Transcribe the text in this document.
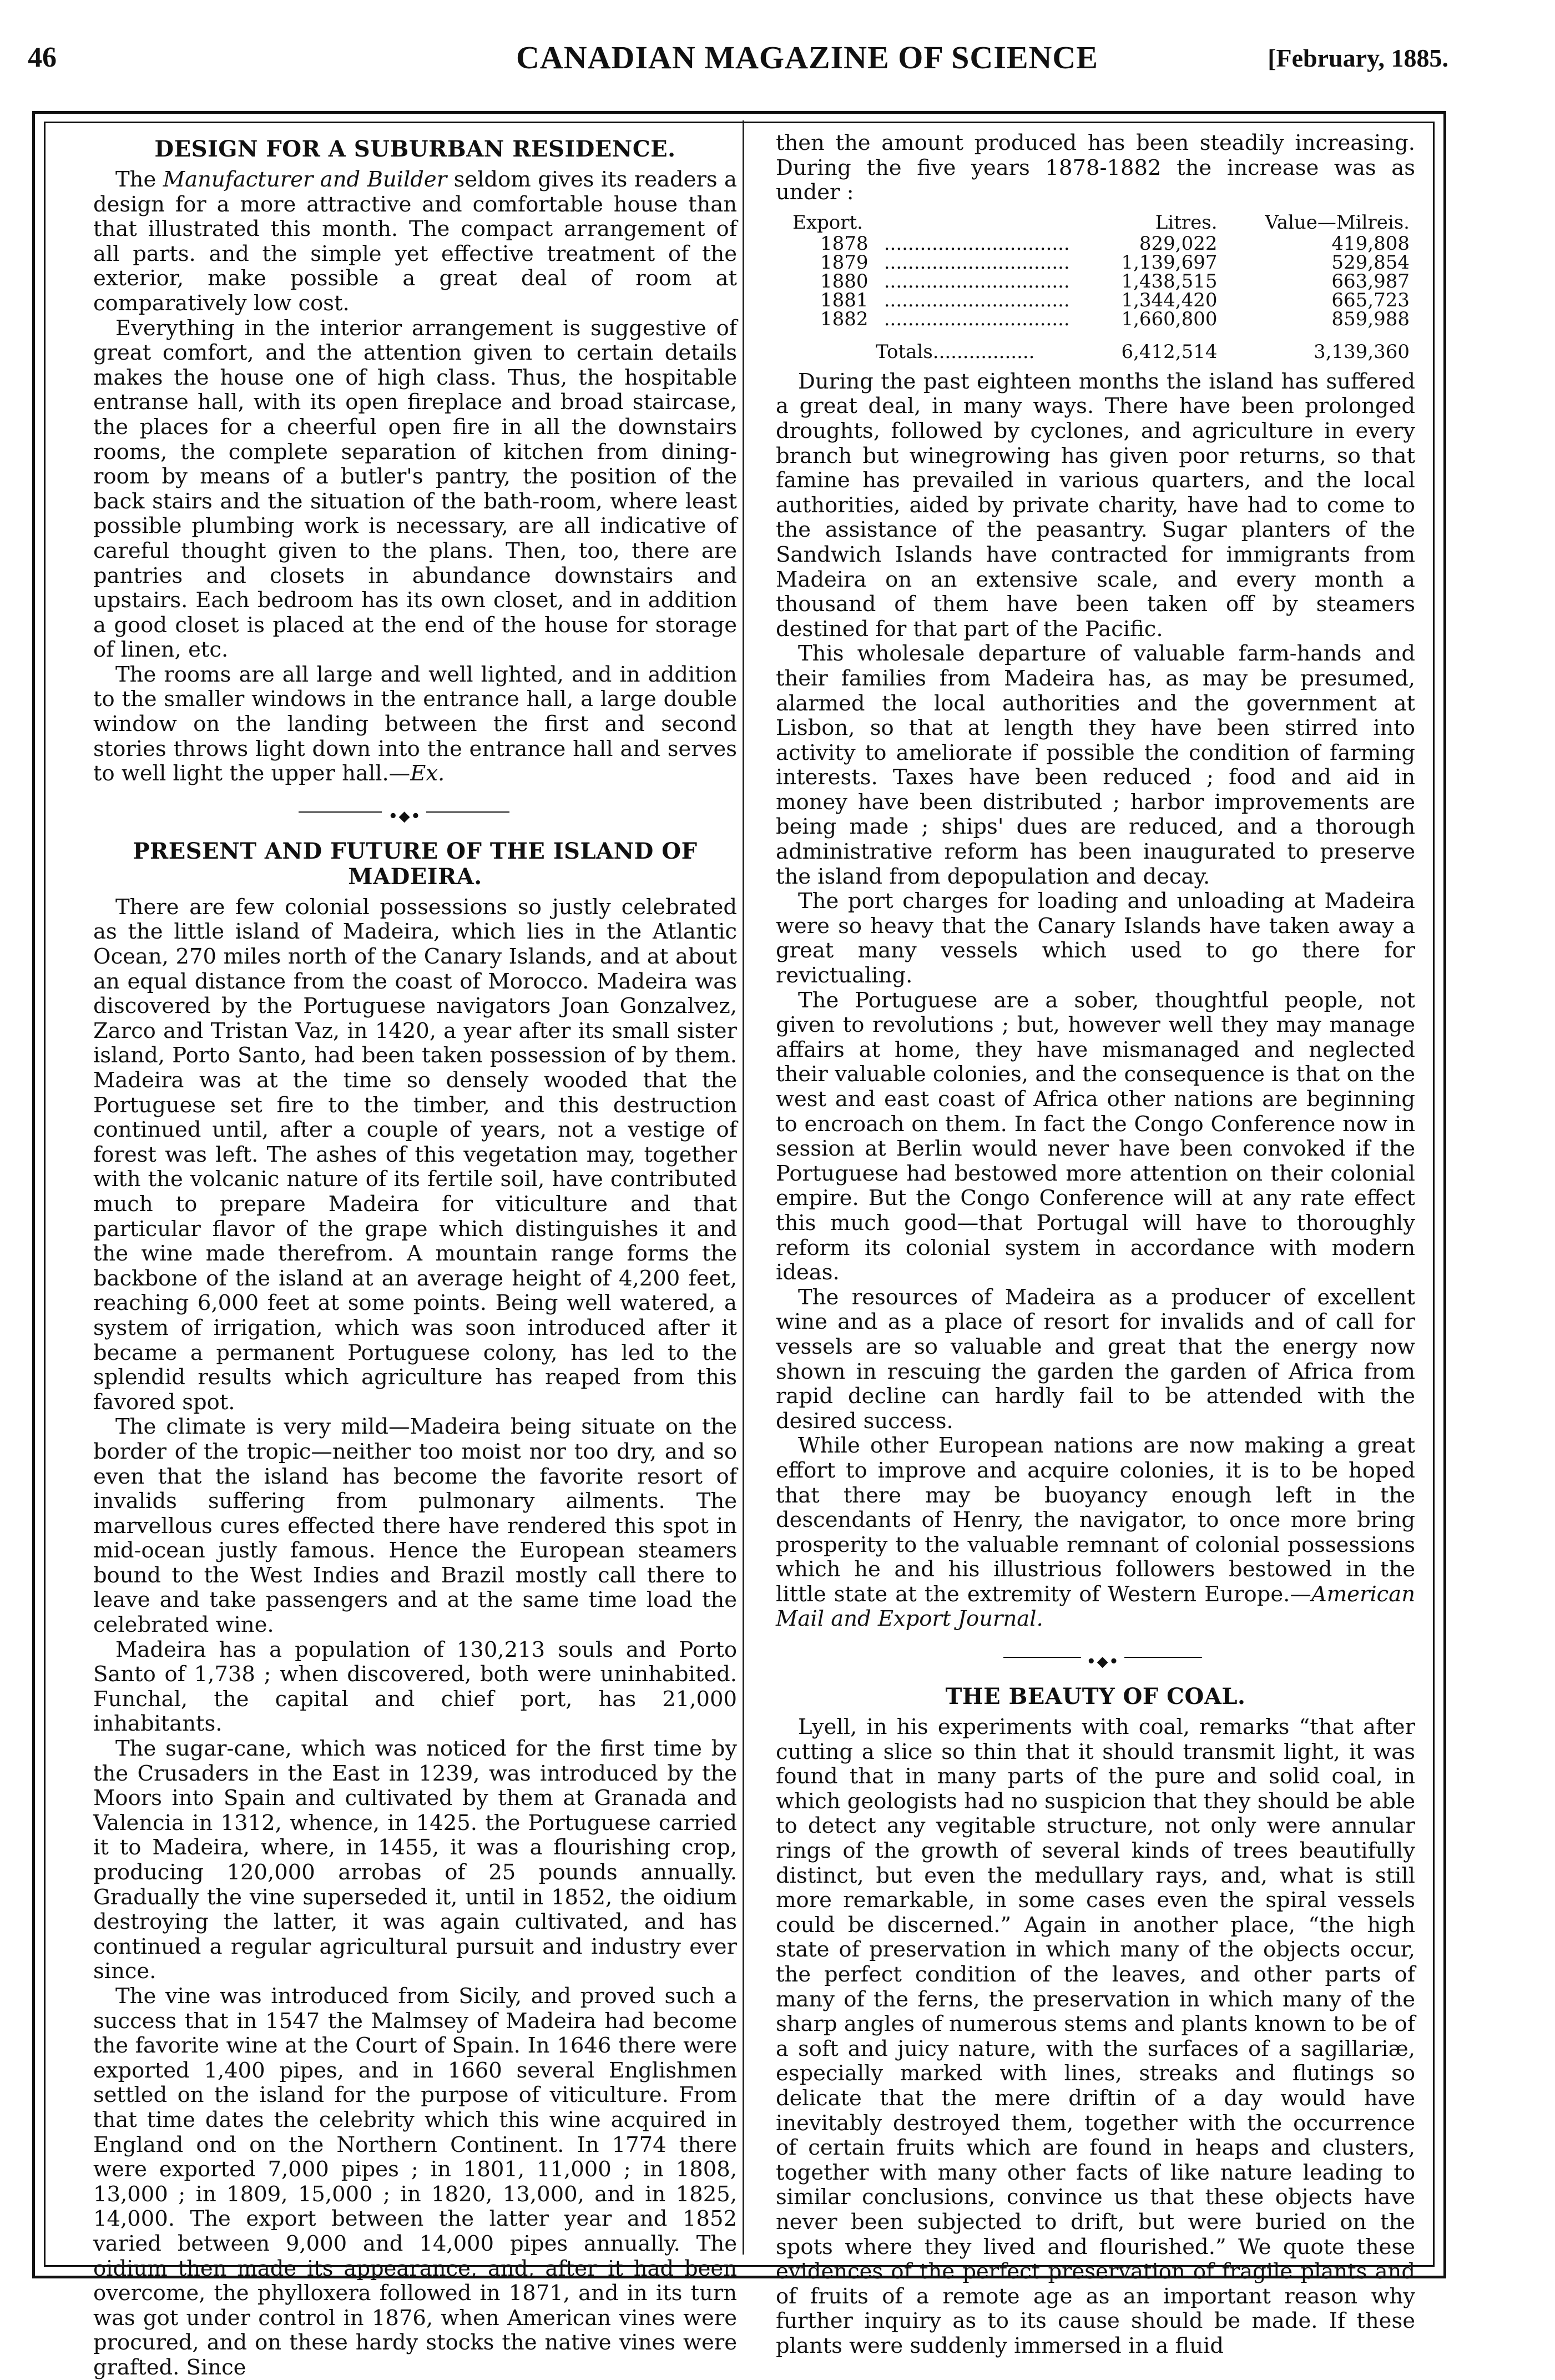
46	CANADIAN MAGAZINE OF SCIENCE	[February, 1885.
DESIGN FOR A SUBURBAN RESIDENCE.

The Manufacturer and Builder seldom gives its readers a design for a more attractive and comfortable house than that illustrated this month. The compact arrangement of all parts. and the simple yet effective treatment of the exterior, make possible a great deal of room at comparatively low cost.

Everything in the interior arrangement is suggestive of great comfort, and the attention given to certain details makes the house one of high class. Thus, the hospitable entranse hall, with its open fireplace and broad staircase, the places for a cheerful open fire in all the downstairs rooms, the complete separation of kitchen from dining-room by means of a butler's pantry, the position of the back stairs and the situation of the bath-room, where least possible plumbing work is necessary, are all indicative of careful thought given to the plans. Then, too, there are pantries and closets in abundance downstairs and upstairs. Each bedroom has its own closet, and in addition a good closet is placed at the end of the house for storage of linen, etc.

The rooms are all large and well lighted, and in addition to the smaller windows in the entrance hall, a large double window on the landing between the first and second stories throws light down into the entrance hall and serves to well light the upper hall.—Ex.

•◆•
PRESENT AND FUTURE OF THE ISLAND OF
MADEIRA.

There are few colonial possessions so justly celebrated as the little island of Madeira, which lies in the Atlantic Ocean, 270 miles north of the Canary Islands, and at about an equal distance from the coast of Morocco. Madeira was discovered by the Portuguese navigators Joan Gonzalvez, Zarco and Tristan Vaz, in 1420, a year after its small sister island, Porto Santo, had been taken possession of by them. Madeira was at the time so densely wooded that the Portuguese set fire to the timber, and this destruction continued until, after a couple of years, not a vestige of forest was left. The ashes of this vegetation may, together with the volcanic nature of its fertile soil, have contributed much to prepare Madeira for viticulture and that particular flavor of the grape which distinguishes it and the wine made therefrom. A mountain range forms the backbone of the island at an average height of 4,200 feet, reaching 6,000 feet at some points. Being well watered, a system of irrigation, which was soon introduced after it became a permanent Portuguese colony, has led to the splendid results which agriculture has reaped from this favored spot.

The climate is very mild—Madeira being situate on the border of the tropic—neither too moist nor too dry, and so even that the island has become the favorite resort of invalids suffering from pulmonary ailments. The marvellous cures effected there have rendered this spot in mid-ocean justly famous. Hence the European steamers bound to the West Indies and Brazil mostly call there to leave and take passengers and at the same time load the celebrated wine.

Madeira has a population of 130,213 souls and Porto Santo of 1,738 ; when discovered, both were uninhabited. Funchal, the capital and chief port, has 21,000 inhabitants.

The sugar-cane, which was noticed for the first time by the Crusaders in the East in 1239, was introduced by the Moors into Spain and cultivated by them at Granada and Valencia in 1312, whence, in 1425. the Portuguese carried it to Madeira, where, in 1455, it was a flourishing crop, producing 120,000 arrobas of 25 pounds annually. Gradually the vine superseded it, until in 1852, the oidium destroying the latter, it was again cultivated, and has continued a regular agricultural pursuit and industry ever since.

The vine was introduced from Sicily, and proved such a success that in 1547 the Malmsey of Madeira had become the favorite wine at the Court of Spain. In 1646 there were exported 1,400 pipes, and in 1660 several Englishmen settled on the island for the purpose of viticulture. From that time dates the celebrity which this wine acquired in England ond on the Northern Continent. In 1774 there were exported 7,000 pipes ; in 1801, 11,000 ; in 1808, 13,000 ; in 1809, 15,000 ; in 1820, 13,000, and in 1825, 14,000. The export between the latter year and 1852 varied between 9,000 and 14,000 pipes annually. The oidium then made its appearance, and, after it had been overcome, the phylloxera followed in 1871, and in its turn was got under control in 1876, when American vines were procured, and on these hardy stocks the native vines were grafted. Since

then the amount produced has been steadily increasing. During the five years 1878-1882 the increase was as under :

Export.		Litres.	Value—Milreis.
1878	...............................	829,022	419,808
1879	...............................	1,139,697	529,854
1880	...............................	1,438,515	663,987
1881	...............................	1,344,420	665,723
1882	...............................	1,660,800	859,988
Totals.................		6,412,514	3,139,360

During the past eighteen months the island has suffered a great deal, in many ways. There have been prolonged droughts, followed by cyclones, and agriculture in every branch but winegrowing has given poor returns, so that famine has prevailed in various quarters, and the local authorities, aided by private charity, have had to come to the assistance of the peasantry. Sugar planters of the Sandwich Islands have contracted for immigrants from Madeira on an extensive scale, and every month a thousand of them have been taken off by steamers destined for that part of the Pacific.

This wholesale departure of valuable farm-hands and their families from Madeira has, as may be presumed, alarmed the local authorities and the government at Lisbon, so that at length they have been stirred into activity to ameliorate if possible the condition of farming interests. Taxes have been reduced ; food and aid in money have been distributed ; harbor improvements are being made ; ships' dues are reduced, and a thorough administrative reform has been inaugurated to preserve the island from depopulation and decay.

The port charges for loading and unloading at Madeira were so heavy that the Canary Islands have taken away a great many vessels which used to go there for revictualing.

The Portuguese are a sober, thoughtful people, not given to revolutions ; but, however well they may manage affairs at home, they have mismanaged and neglected their valuable colonies, and the consequence is that on the west and east coast of Africa other nations are beginning to encroach on them. In fact the Congo Conference now in session at Berlin would never have been convoked if the Portuguese had bestowed more attention on their colonial empire. But the Congo Conference will at any rate effect this much good—that Portugal will have to thoroughly reform its colonial system in accordance with modern ideas.

The resources of Madeira as a producer of excellent wine and as a place of resort for invalids and of call for vessels are so valuable and great that the energy now shown in rescuing the garden the garden of Africa from rapid decline can hardly fail to be attended with the desired success.

While other European nations are now making a great effort to improve and acquire colonies, it is to be hoped that there may be buoyancy enough left in the descendants of Henry, the navigator, to once more bring prosperity to the valuable remnant of colonial possessions which he and his illustrious followers bestowed in the little state at the extremity of Western Europe.—American Mail and Export Journal.

•◆•
THE BEAUTY OF COAL.

Lyell, in his experiments with coal, remarks “that after cutting a slice so thin that it should transmit light, it was found that in many parts of the pure and solid coal, in which geologists had no suspicion that they should be able to detect any vegitable structure, not only were annular rings of the growth of several kinds of trees beautifully distinct, but even the medullary rays, and, what is still more remarkable, in some cases even the spiral vessels could be discerned.” Again in another place, “the high state of preservation in which many of the objects occur, the perfect condition of the leaves, and other parts of many of the ferns, the preservation in which many of the sharp angles of numerous stems and plants known to be of a soft and juicy nature, with the surfaces of a sagillariæ, especially marked with lines, streaks and flutings so delicate that the mere driftin of a day would have inevitably destroyed them, together with the occurrence of certain fruits which are found in heaps and clusters, together with many other facts of like nature leading to similar conclusions, convince us that these objects have never been subjected to drift, but were buried on the spots where they lived and flourished.” We quote these evidences of the perfect preservation of fragile plants and of fruits of a remote age as an important reason why further inquiry as to its cause should be made. If these plants were suddenly immersed in a fluid
